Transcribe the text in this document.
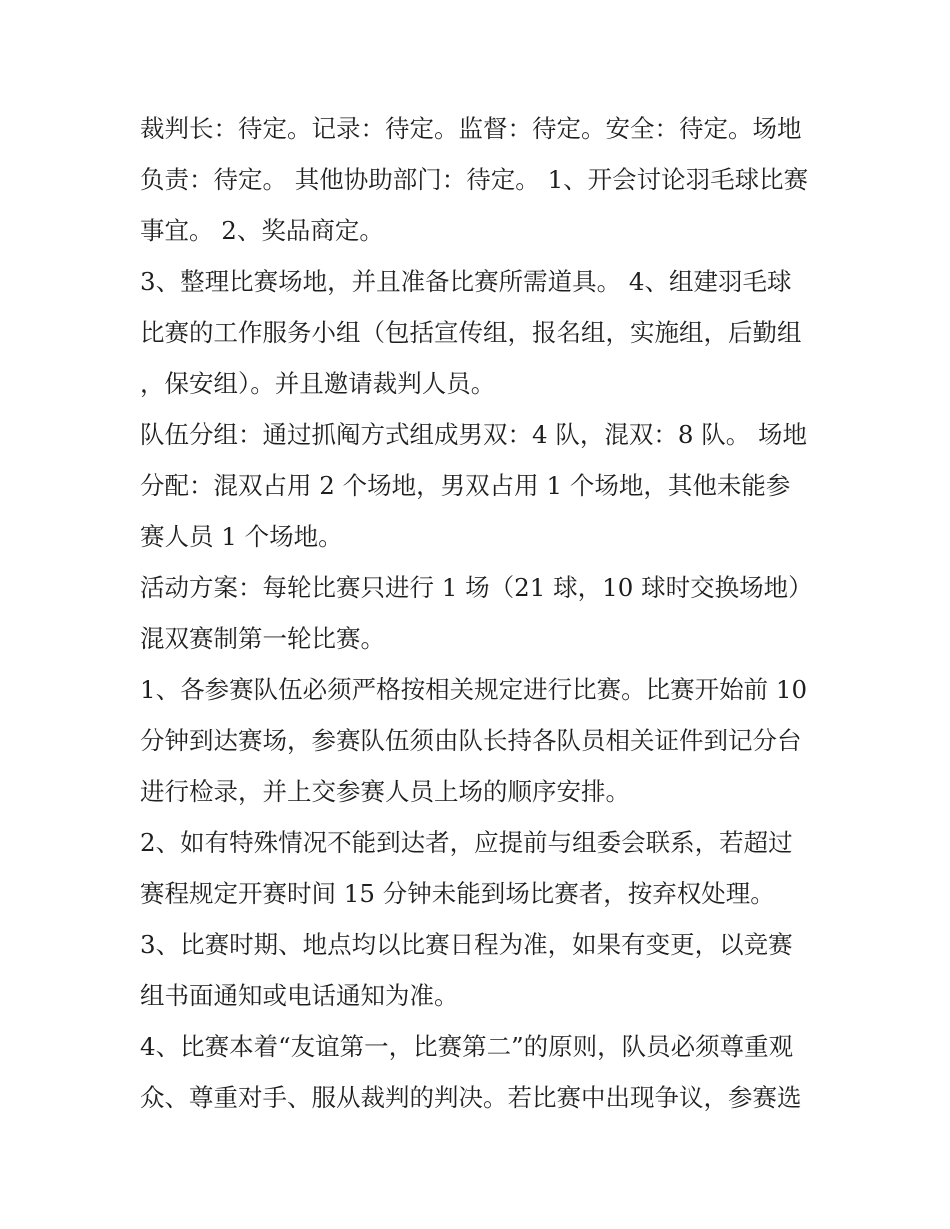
裁判长：待定。记录：待定。监督：待定。安全：待定。场地负责：待定。 其他协助部门：待定。 1、开会讨论羽毛球比赛事宜。 2、奖品商定。

3、整理比赛场地，并且准备比赛所需道具。 4、组建羽毛球比赛的工作服务小组（包括宣传组，报名组，实施组，后勤组，保安组）。并且邀请裁判人员。

队伍分组：通过抓阄方式组成男双：4 队，混双：8 队。 场地分配：混双占用 2 个场地，男双占用 1 个场地，其他未能参赛人员 1 个场地。

活动方案：每轮比赛只进行 1 场（21 球，10 球时交换场地）混双赛制第一轮比赛。

1、各参赛队伍必须严格按相关规定进行比赛。比赛开始前 10 分钟到达赛场，参赛队伍须由队长持各队员相关证件到记分台进行检录，并上交参赛人员上场的顺序安排。

2、如有特殊情况不能到达者，应提前与组委会联系，若超过赛程规定开赛时间 15 分钟未能到场比赛者，按弃权处理。

3、比赛时期、地点均以比赛日程为准，如果有变更，以竞赛组书面通知或电话通知为准。

4、比赛本着“友谊第一，比赛第二”的原则，队员必须尊重观众、尊重对手、服从裁判的判决。若比赛中出现争议，参赛选
